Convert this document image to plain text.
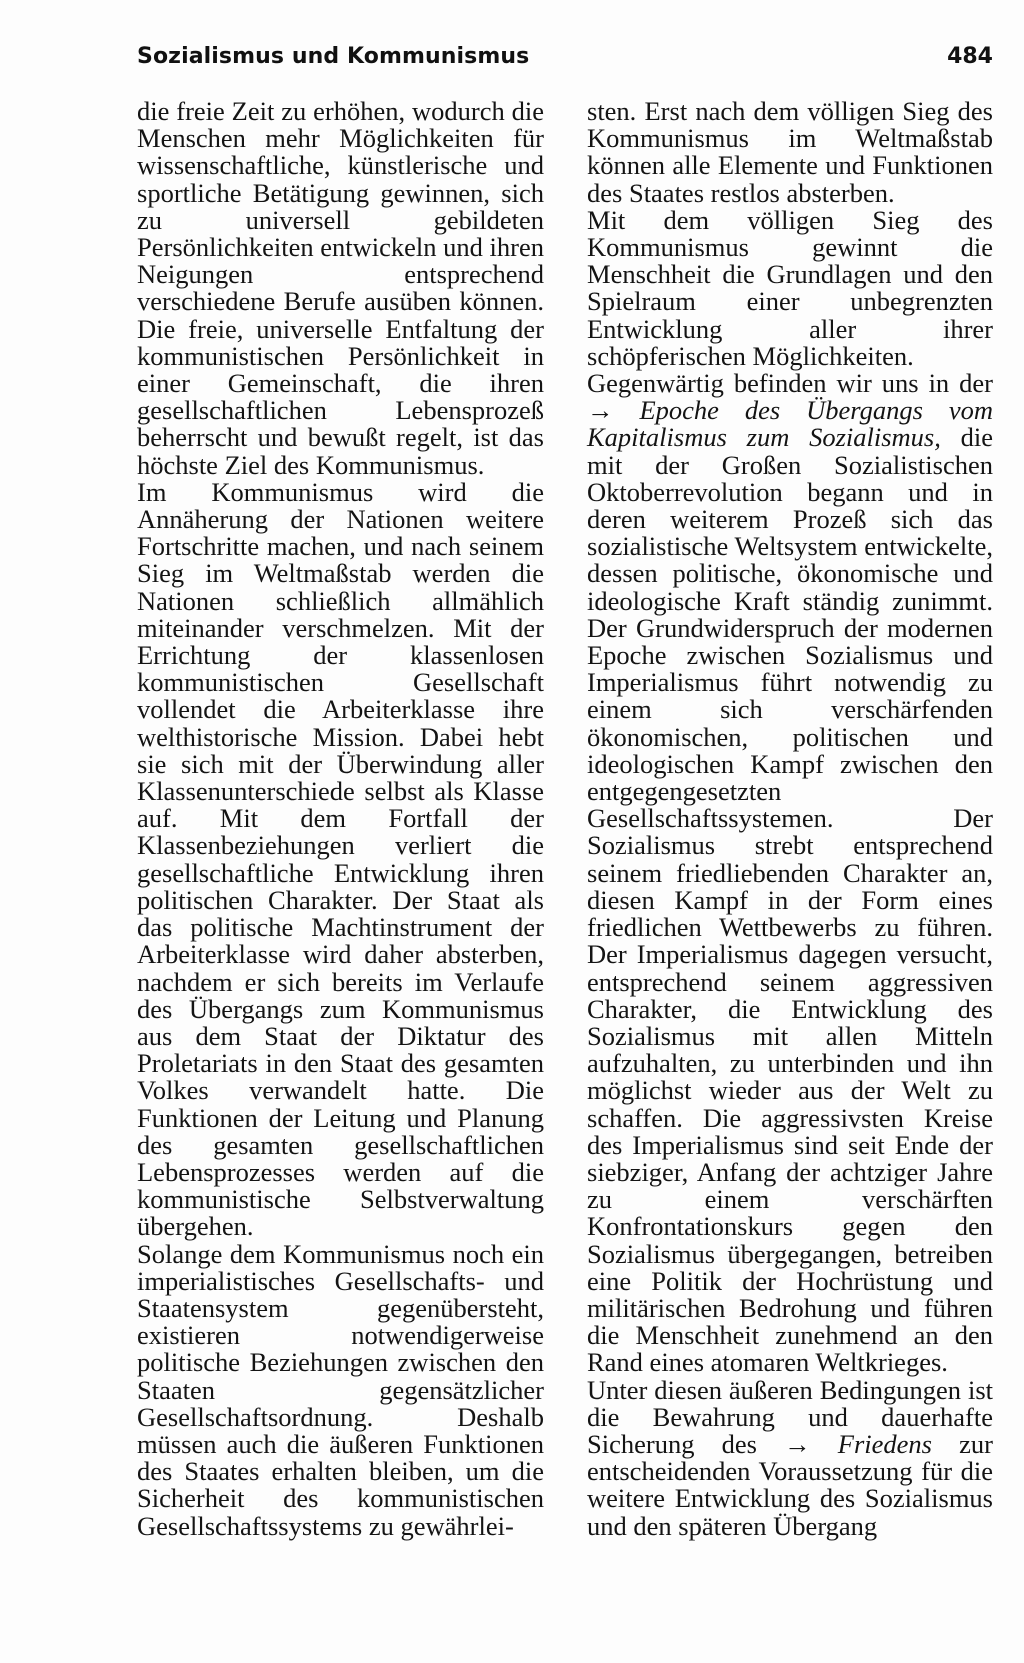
Sozialismus und Kommunismus	484

die freie Zeit zu erhöhen, wodurch die Menschen mehr Möglichkeiten für wissenschaftliche, künstlerische und sportliche Betätigung gewinnen, sich zu universell gebildeten Persönlichkeiten entwickeln und ihren Neigungen entsprechend verschiedene Berufe ausüben können. Die freie, universelle Entfaltung der kommunistischen Persönlichkeit in einer Gemeinschaft, die ihren gesellschaftlichen Lebensprozeß beherrscht und bewußt regelt, ist das höchste Ziel des Kommunismus.

Im Kommunismus wird die Annäherung der Nationen weitere Fortschritte machen, und nach seinem Sieg im Weltmaßstab werden die Nationen schließlich allmählich miteinander verschmelzen. Mit der Errichtung der klassenlosen kommunistischen Gesellschaft vollendet die Arbeiterklasse ihre welthistorische Mission. Dabei hebt sie sich mit der Überwindung aller Klassenunterschiede selbst als Klasse auf. Mit dem Fortfall der Klassenbeziehungen verliert die gesellschaftliche Entwicklung ihren politischen Charakter. Der Staat als das politische Machtinstrument der Arbeiterklasse wird daher absterben, nachdem er sich bereits im Verlaufe des Übergangs zum Kommunismus aus dem Staat der Diktatur des Proletariats in den Staat des gesamten Volkes verwandelt hatte. Die Funktionen der Leitung und Planung des gesamten gesellschaftlichen Lebensprozesses werden auf die kommunistische Selbstverwaltung übergehen.

Solange dem Kommunismus noch ein imperialistisches Gesellschafts- und Staatensystem gegenübersteht, existieren notwendigerweise politische Beziehungen zwischen den Staaten gegensätzlicher Gesellschaftsordnung. Deshalb müssen auch die äußeren Funktionen des Staates erhalten bleiben, um die Sicherheit des kommunistischen Gesellschaftssystems zu gewährlei-

sten. Erst nach dem völligen Sieg des Kommunismus im Weltmaßstab können alle Elemente und Funktionen des Staates restlos absterben.

Mit dem völligen Sieg des Kommunismus gewinnt die Menschheit die Grundlagen und den Spielraum einer unbegrenzten Entwicklung aller ihrer schöpferischen Möglichkeiten.

Gegenwärtig befinden wir uns in der → Epoche des Übergangs vom Kapitalismus zum Sozialismus, die mit der Großen Sozialistischen Oktoberrevolution begann und in deren weiterem Prozeß sich das sozialistische Weltsystem entwickelte, dessen politische, ökonomische und ideologische Kraft ständig zunimmt. Der Grundwiderspruch der modernen Epoche zwischen Sozialismus und Imperialismus führt notwendig zu einem sich verschärfenden ökonomischen, politischen und ideologischen Kampf zwischen den entgegengesetzten Gesellschaftssystemen. Der Sozialismus strebt entsprechend seinem friedliebenden Charakter an, diesen Kampf in der Form eines friedlichen Wettbewerbs zu führen. Der Imperialismus dagegen versucht, entsprechend seinem aggressiven Charakter, die Entwicklung des Sozialismus mit allen Mitteln aufzuhalten, zu unterbinden und ihn möglichst wieder aus der Welt zu schaffen. Die aggressivsten Kreise des Imperialismus sind seit Ende der siebziger, Anfang der achtziger Jahre zu einem verschärften Konfrontationskurs gegen den Sozialismus übergegangen, betreiben eine Politik der Hochrüstung und militärischen Bedrohung und führen die Menschheit zunehmend an den Rand eines atomaren Weltkrieges.

Unter diesen äußeren Bedingungen ist die Bewahrung und dauerhafte Sicherung des → Friedens zur entscheidenden Voraussetzung für die weitere Entwicklung des Sozialismus und den späteren Übergang
